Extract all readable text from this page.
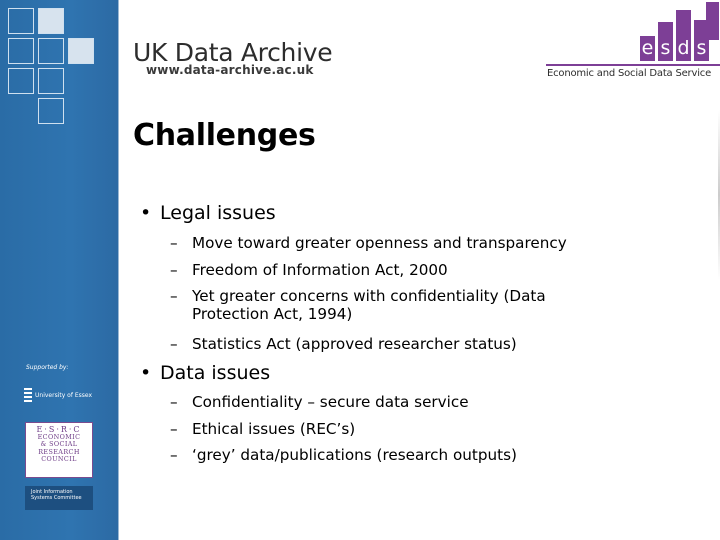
Supported by:
University of Essex
E·S·R·C
ECONOMIC
& SOCIAL
RESEARCH
COUNCIL
Joint Information
Systems Committee
UK Data Archive
www.data-archive.ac.uk
e s d s
Economic and Social Data Service
Challenges
• Legal issues
– Move toward greater openness and transparency
– Freedom of Information Act, 2000
– Yet greater concerns with confidentiality (Data
Protection Act, 1994)
– Statistics Act (approved researcher status)
• Data issues
– Confidentiality – secure data service
– Ethical issues (REC’s)
– ‘grey’ data/publications (research outputs)
